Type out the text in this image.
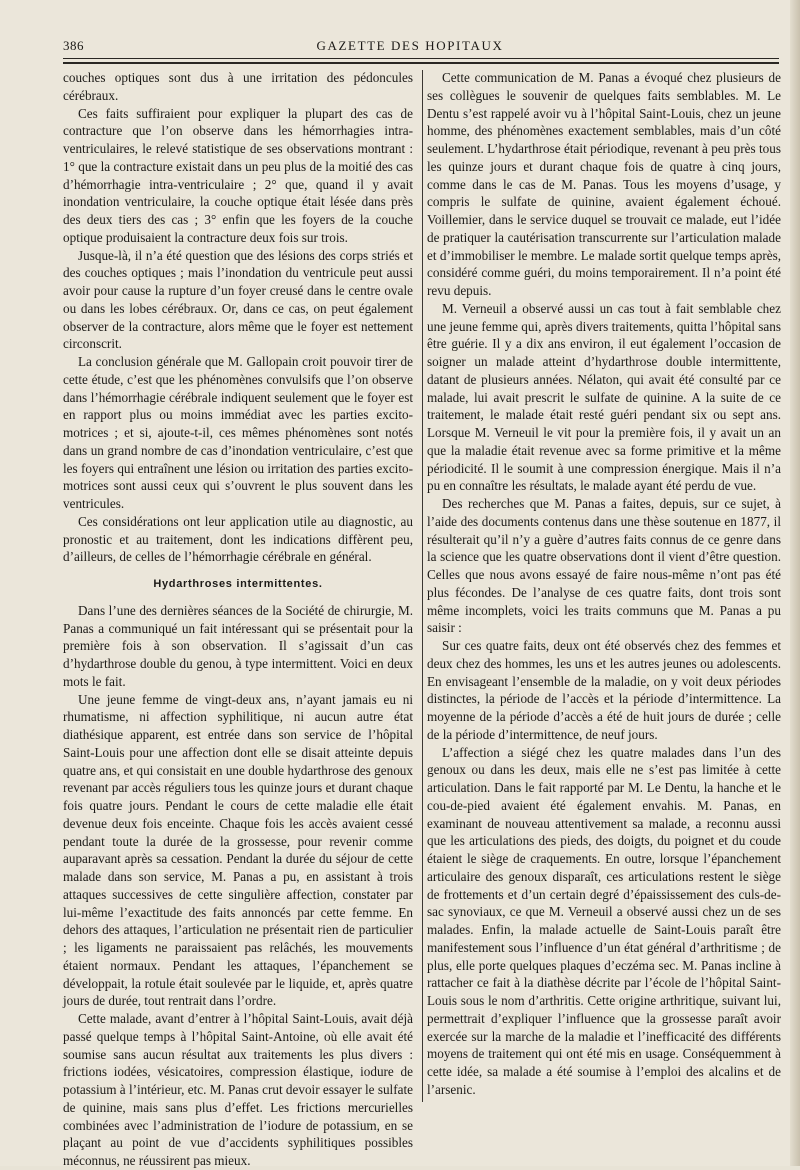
386	GAZETTE DES HOPITAUX

couches optiques sont dus à une irritation des pédoncules cérébraux.

Ces faits suffiraient pour expliquer la plupart des cas de contracture que l’on observe dans les hémorrhagies intra-ventriculaires, le relevé statistique de ses observations montrant : 1° que la contracture existait dans un peu plus de la moitié des cas d’hémorrhagie intra-ventriculaire ; 2° que, quand il y avait inondation ventriculaire, la couche optique était lésée dans près des deux tiers des cas ; 3° enfin que les foyers de la couche optique produisaient la contracture deux fois sur trois.

Jusque-là, il n’a été question que des lésions des corps striés et des couches optiques ; mais l’inondation du ventricule peut aussi avoir pour cause la rupture d’un foyer creusé dans le centre ovale ou dans les lobes cérébraux. Or, dans ce cas, on peut également observer de la contracture, alors même que le foyer est nettement circonscrit.

La conclusion générale que M. Gallopain croit pouvoir tirer de cette étude, c’est que les phénomènes convulsifs que l’on observe dans l’hémorrhagie cérébrale indiquent seulement que le foyer est en rapport plus ou moins immédiat avec les parties excito-motrices ; et si, ajoute-t-il, ces mêmes phénomènes sont notés dans un grand nombre de cas d’inondation ventriculaire, c’est que les foyers qui entraînent une lésion ou irritation des parties excito-motrices sont aussi ceux qui s’ouvrent le plus souvent dans les ventricules.

Ces considérations ont leur application utile au diagnostic, au pronostic et au traitement, dont les indications diffèrent peu, d’ailleurs, de celles de l’hémorrhagie cérébrale en général.

Hydarthroses intermittentes.

Dans l’une des dernières séances de la Société de chirurgie, M. Panas a communiqué un fait intéressant qui se présentait pour la première fois à son observation. Il s’agissait d’un cas d’hydarthrose double du genou, à type intermittent. Voici en deux mots le fait.

Une jeune femme de vingt-deux ans, n’ayant jamais eu ni rhumatisme, ni affection syphilitique, ni aucun autre état diathésique apparent, est entrée dans son service de l’hôpital Saint-Louis pour une affection dont elle se disait atteinte depuis quatre ans, et qui consistait en une double hydarthrose des genoux revenant par accès réguliers tous les quinze jours et durant chaque fois quatre jours. Pendant le cours de cette maladie elle était devenue deux fois enceinte. Chaque fois les accès avaient cessé pendant toute la durée de la grossesse, pour revenir comme auparavant après sa cessation. Pendant la durée du séjour de cette malade dans son service, M. Panas a pu, en assistant à trois attaques successives de cette singulière affection, constater par lui-même l’exactitude des faits annoncés par cette femme. En dehors des attaques, l’articulation ne présentait rien de particulier ; les ligaments ne paraissaient pas relâchés, les mouvements étaient normaux. Pendant les attaques, l’épanchement se développait, la rotule était soulevée par le liquide, et, après quatre jours de durée, tout rentrait dans l’ordre.

Cette malade, avant d’entrer à l’hôpital Saint-Louis, avait déjà passé quelque temps à l’hôpital Saint-Antoine, où elle avait été soumise sans aucun résultat aux traitements les plus divers : frictions iodées, vésicatoires, compression élastique, iodure de potassium à l’intérieur, etc. M. Panas crut devoir essayer le sulfate de quinine, mais sans plus d’effet. Les frictions mercurielles combinées avec l’administration de l’iodure de potassium, en se plaçant au point de vue d’accidents syphilitiques possibles méconnus, ne réussirent pas mieux.

Cette communication de M. Panas a évoqué chez plusieurs de ses collègues le souvenir de quelques faits semblables. M. Le Dentu s’est rappelé avoir vu à l’hôpital Saint-Louis, chez un jeune homme, des phénomènes exactement semblables, mais d’un côté seulement. L’hydarthrose était périodique, revenant à peu près tous les quinze jours et durant chaque fois de quatre à cinq jours, comme dans le cas de M. Panas. Tous les moyens d’usage, y compris le sulfate de quinine, avaient également échoué. Voillemier, dans le service duquel se trouvait ce malade, eut l’idée de pratiquer la cautérisation transcurrente sur l’articulation malade et d’immobiliser le membre. Le malade sortit quelque temps après, considéré comme guéri, du moins temporairement. Il n’a point été revu depuis.

M. Verneuil a observé aussi un cas tout à fait semblable chez une jeune femme qui, après divers traitements, quitta l’hôpital sans être guérie. Il y a dix ans environ, il eut également l’occasion de soigner un malade atteint d’hydarthrose double intermittente, datant de plusieurs années. Nélaton, qui avait été consulté par ce malade, lui avait prescrit le sulfate de quinine. A la suite de ce traitement, le malade était resté guéri pendant six ou sept ans. Lorsque M. Verneuil le vit pour la première fois, il y avait un an que la maladie était revenue avec sa forme primitive et la même périodicité. Il le soumit à une compression énergique. Mais il n’a pu en connaître les résultats, le malade ayant été perdu de vue.

Des recherches que M. Panas a faites, depuis, sur ce sujet, à l’aide des documents contenus dans une thèse soutenue en 1877, il résulterait qu’il n’y a guère d’autres faits connus de ce genre dans la science que les quatre observations dont il vient d’être question. Celles que nous avons essayé de faire nous-même n’ont pas été plus fécondes. De l’analyse de ces quatre faits, dont trois sont même incomplets, voici les traits communs que M. Panas a pu saisir :

Sur ces quatre faits, deux ont été observés chez des femmes et deux chez des hommes, les uns et les autres jeunes ou adolescents. En envisageant l’ensemble de la maladie, on y voit deux périodes distinctes, la période de l’accès et la période d’intermittence. La moyenne de la période d’accès a été de huit jours de durée ; celle de la période d’intermittence, de neuf jours.

L’affection a siégé chez les quatre malades dans l’un des genoux ou dans les deux, mais elle ne s’est pas limitée à cette articulation. Dans le fait rapporté par M. Le Dentu, la hanche et le cou-de-pied avaient été également envahis. M. Panas, en examinant de nouveau attentivement sa malade, a reconnu aussi que les articulations des pieds, des doigts, du poignet et du coude étaient le siège de craquements. En outre, lorsque l’épanchement articulaire des genoux disparaît, ces articulations restent le siège de frottements et d’un certain degré d’épaississement des culs-de-sac synoviaux, ce que M. Verneuil a observé aussi chez un de ses malades. Enfin, la malade actuelle de Saint-Louis paraît être manifestement sous l’influence d’un état général d’arthritisme ; de plus, elle porte quelques plaques d’eczéma sec. M. Panas incline à rattacher ce fait à la diathèse décrite par l’école de l’hôpital Saint-Louis sous le nom d’arthritis. Cette origine arthritique, suivant lui, permettrait d’expliquer l’influence que la grossesse paraît avoir exercée sur la marche de la maladie et l’inefficacité des différents moyens de traitement qui ont été mis en usage. Conséquemment à cette idée, sa malade a été soumise à l’emploi des alcalins et de l’arsenic.
